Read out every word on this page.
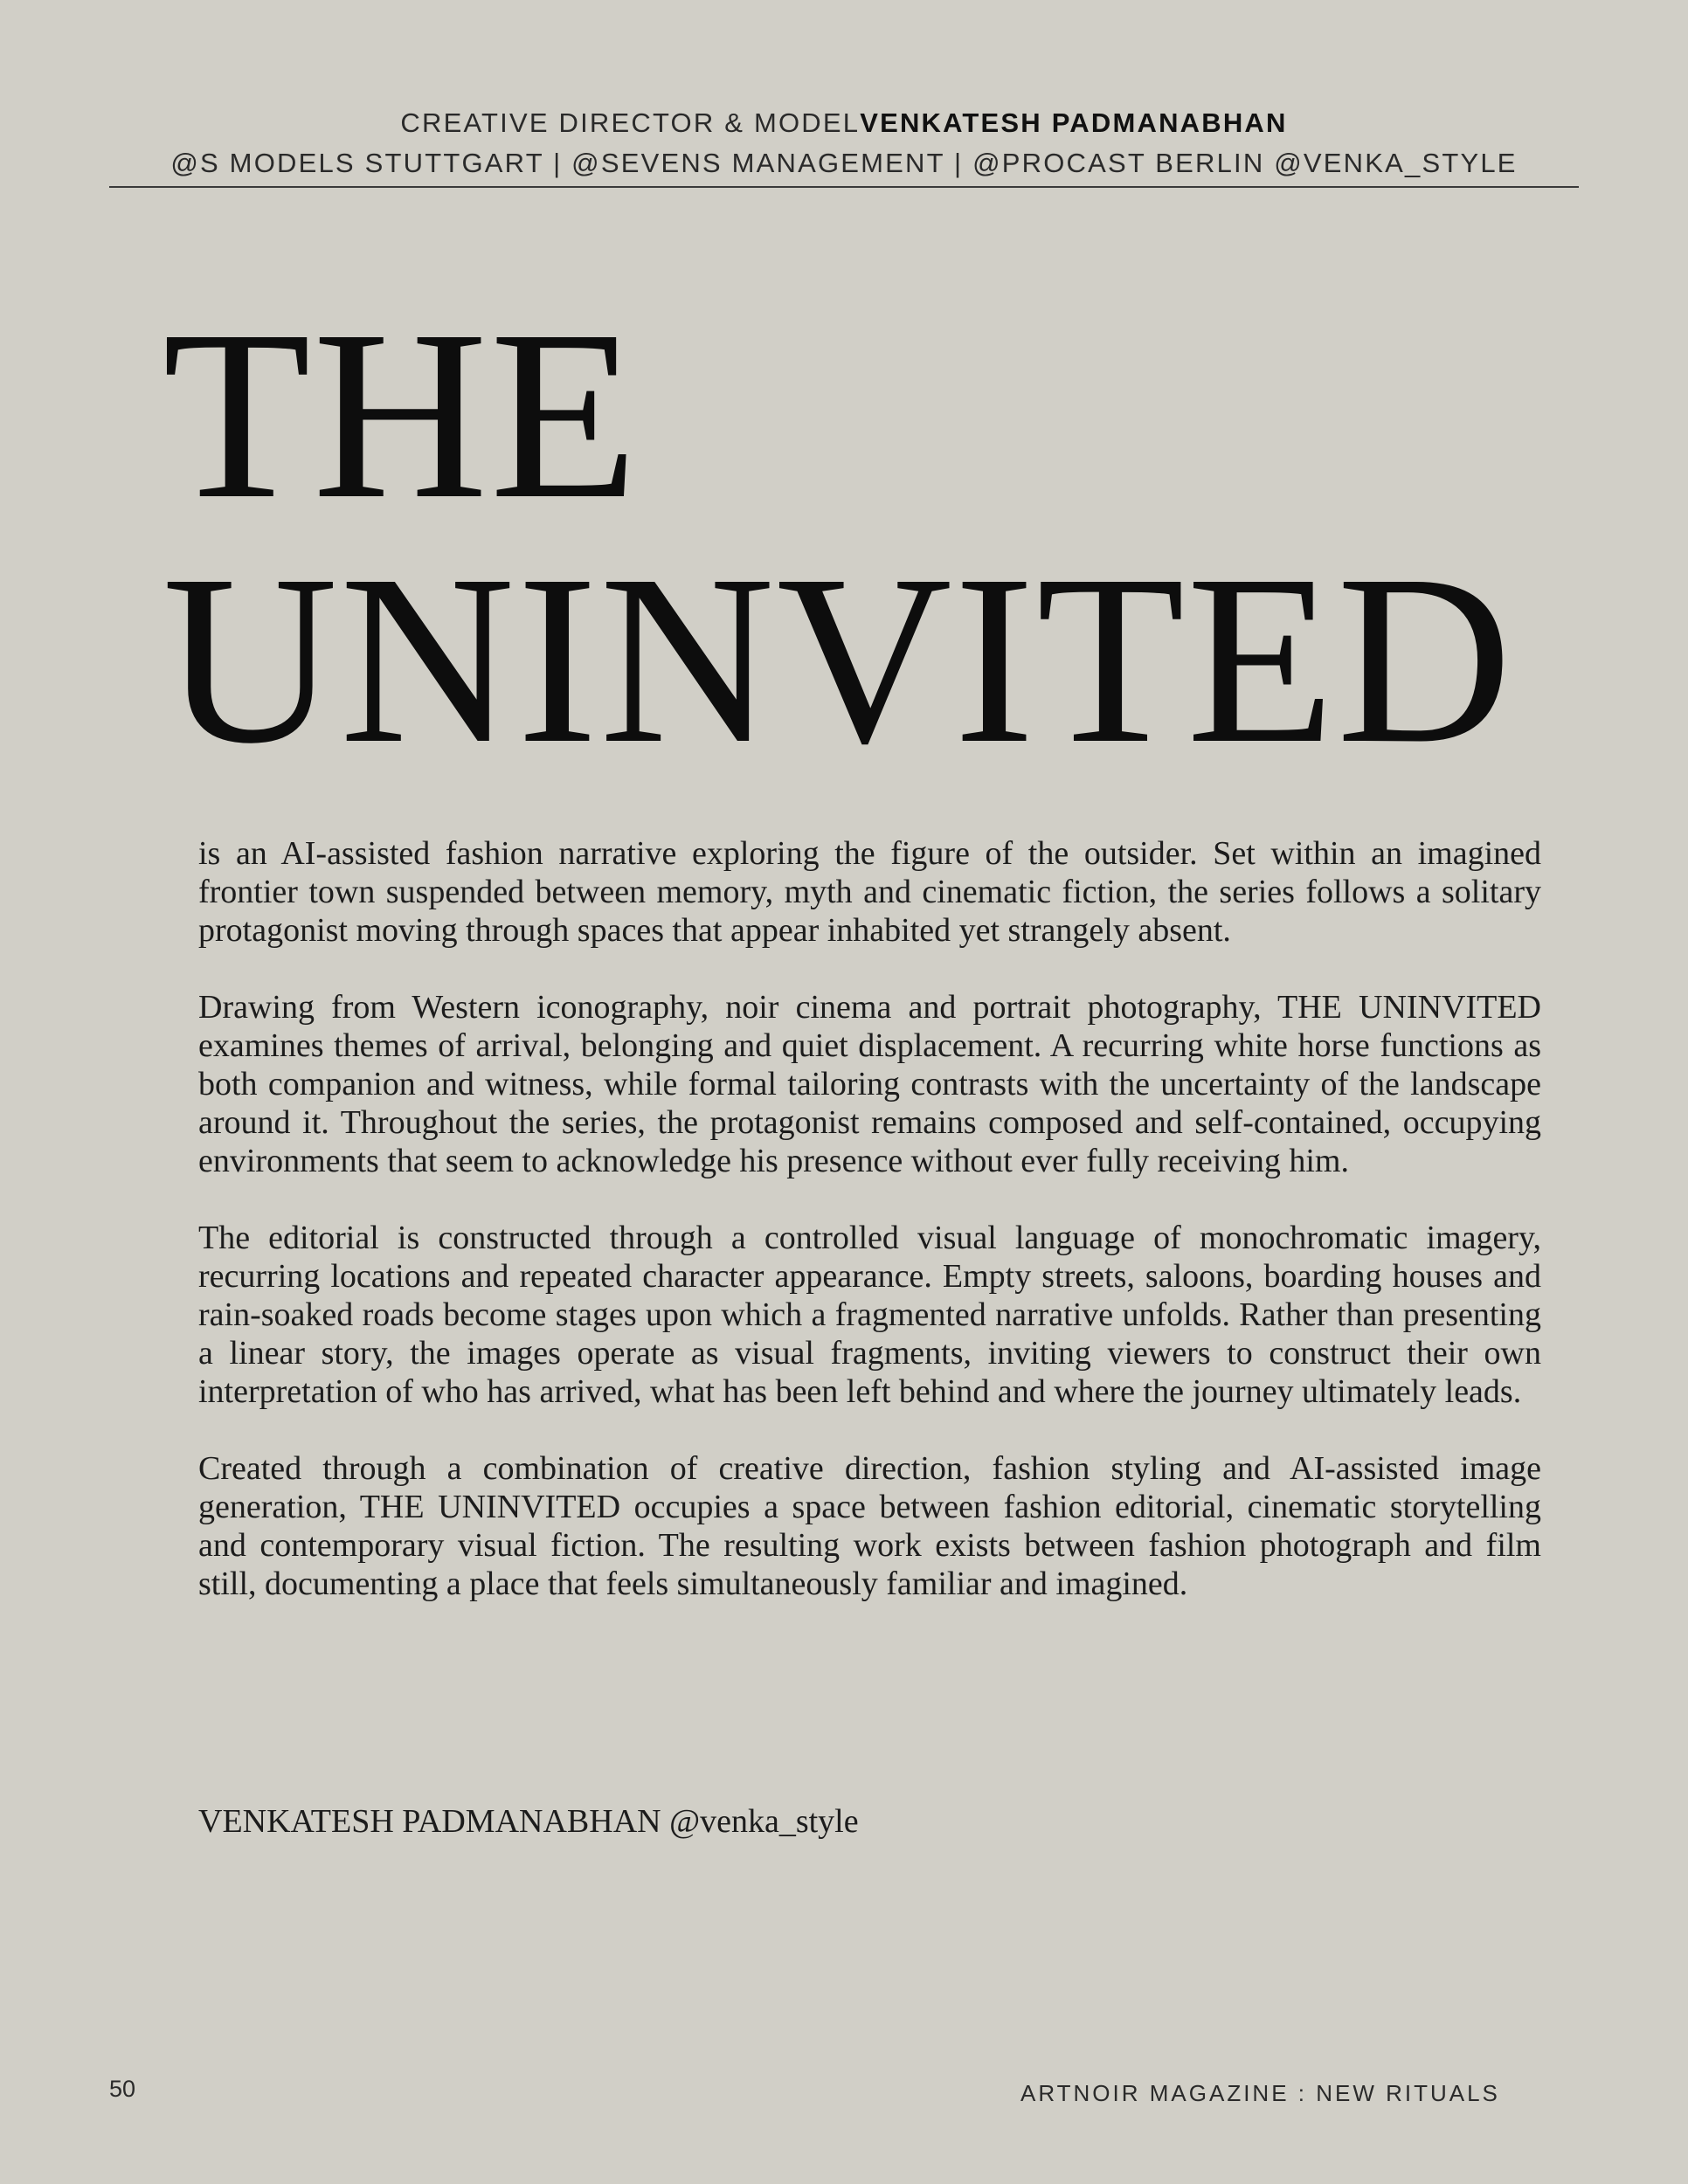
CREATIVE DIRECTOR & MODELVENKATESH PADMANABHAN
@S MODELS STUTTGART | @SEVENS MANAGEMENT | @PROCAST BERLIN @VENKA_STYLE
THE
UNINVITED

is an AI-assisted fashion narrative exploring the figure of the outsider. Set within an imagined frontier town suspended between memory, myth and cinematic fiction, the series follows a solitary protagonist moving through spaces that appear inhabited yet strangely absent.

Drawing from Western iconography, noir cinema and portrait photography, THE UNINVITED examines themes of arrival, belonging and quiet displacement. A recurring white horse functions as both companion and witness, while formal tailoring contrasts with the uncertainty of the landscape around it. Throughout the series, the protagonist remains composed and self-contained, occupying environments that seem to acknowledge his presence without ever fully receiving him.

The editorial is constructed through a controlled visual language of monochromatic imagery, recurring locations and repeated character appearance. Empty streets, saloons, boarding houses and rain-soaked roads become stages upon which a fragmented narrative unfolds. Rather than presenting a linear story, the images operate as visual fragments, inviting viewers to construct their own interpretation of who has arrived, what has been left behind and where the journey ultimately leads.

Created through a combination of creative direction, fashion styling and AI-assisted image generation, THE UNINVITED occupies a space between fashion editorial, cinematic storytelling and contemporary visual fiction. The resulting work exists between fashion photograph and film still, documenting a place that feels simultaneously familiar and imagined.

VENKATESH PADMANABHAN @venka_style
50	ARTNOIR MAGAZINE : NEW RITUALS
